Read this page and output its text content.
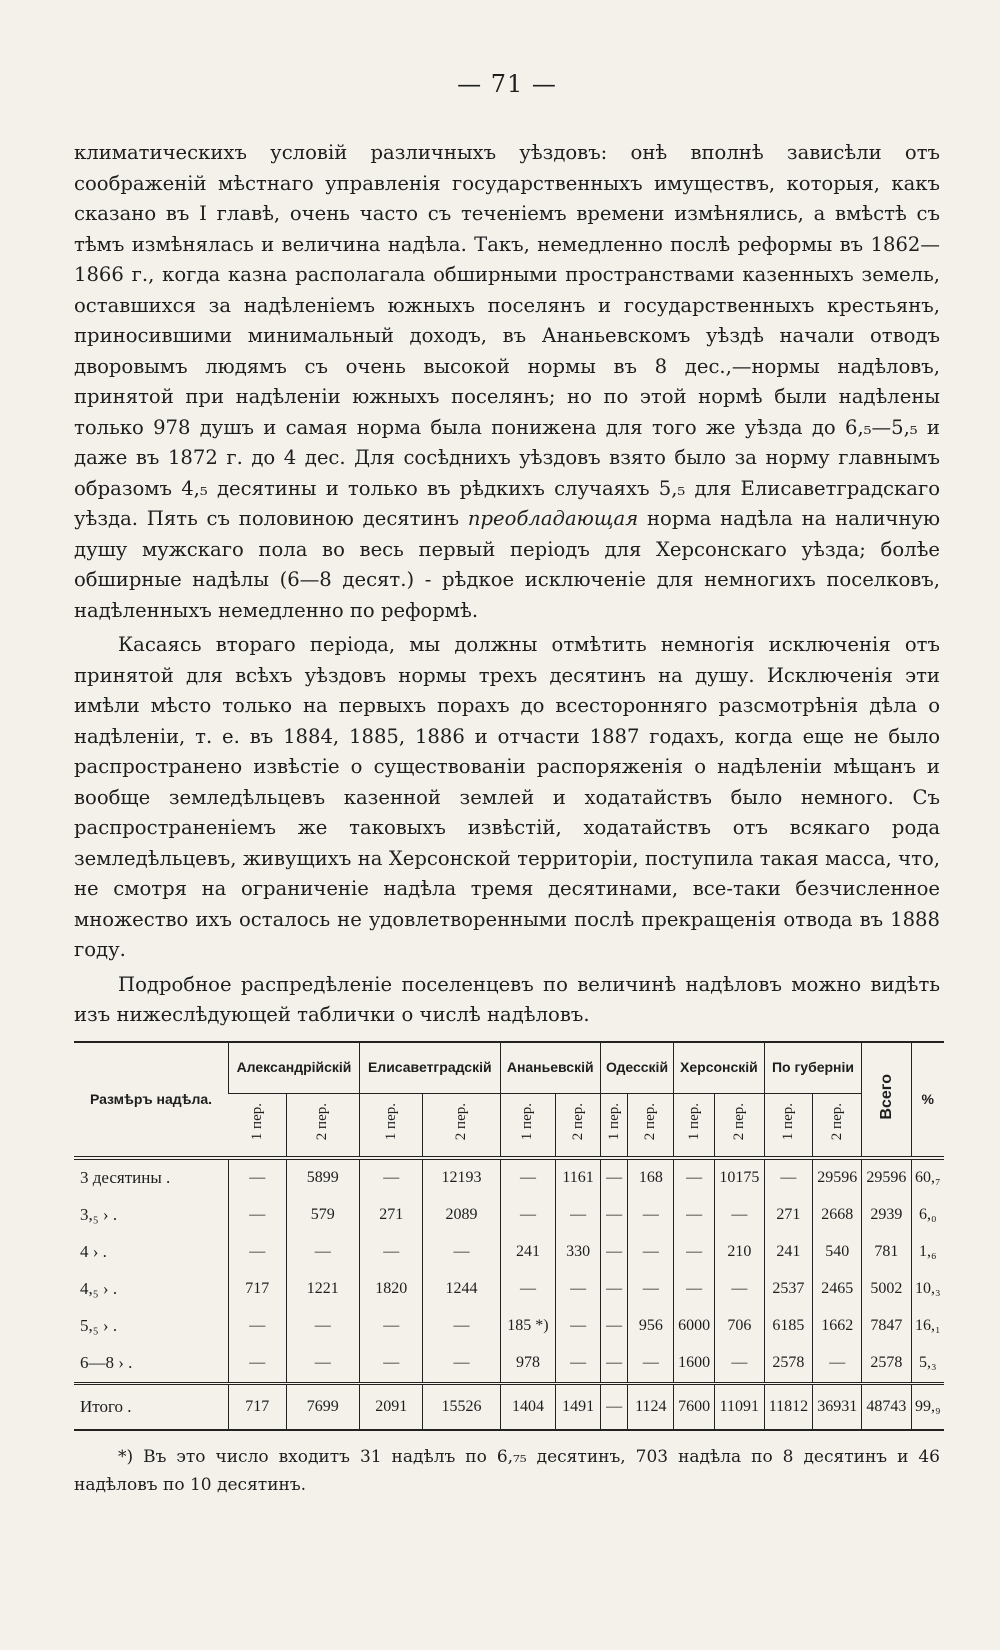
— 71 —

климатическихъ условій различныхъ уѣздовъ: онѣ вполнѣ зависѣли отъ соображеній мѣстнаго управленія государственныхъ имуществъ, которыя, какъ сказано въ I главѣ, очень часто съ теченіемъ времени измѣнялись, а вмѣстѣ съ тѣмъ измѣнялась и величина надѣла. Такъ, немедленно послѣ реформы въ 1862—1866 г., когда казна располагала обширными пространствами казенныхъ земель, оставшихся за надѣленіемъ южныхъ поселянъ и государственныхъ крестьянъ, приносившими минимальный доходъ, въ Ананьевскомъ уѣздѣ начали отводъ дворовымъ людямъ съ очень высокой нормы въ 8 дес.,—нормы надѣловъ, принятой при надѣленіи южныхъ поселянъ; но по этой нормѣ были надѣлены только 978 душъ и самая норма была понижена для того же уѣзда до 6,₅—5,₅ и даже въ 1872 г. до 4 дес. Для сосѣднихъ уѣздовъ взято было за норму главнымъ образомъ 4,₅ десятины и только въ рѣдкихъ случаяхъ 5,₅ для Елисаветградскаго уѣзда. Пять съ половиною десятинъ преобладающая норма надѣла на наличную душу мужскаго пола во весь первый періодъ для Херсонскаго уѣзда; болѣе обширные надѣлы (6—8 десят.) - рѣдкое исключеніе для немногихъ поселковъ, надѣленныхъ немедленно по реформѣ.

Касаясь втораго періода, мы должны отмѣтить немногія исключенія отъ принятой для всѣхъ уѣздовъ нормы трехъ десятинъ на душу. Исключенія эти имѣли мѣсто только на первыхъ порахъ до всесторонняго разсмотрѣнія дѣла о надѣленіи, т. е. въ 1884, 1885, 1886 и отчасти 1887 годахъ, когда еще не было распространено извѣстіе о существованіи распоряженія о надѣленіи мѣщанъ и вообще земледѣльцевъ казенной землей и ходатайствъ было немного. Съ распространеніемъ же таковыхъ извѣстій, ходатайствъ отъ всякаго рода земледѣльцевъ, живущихъ на Херсонской территоріи, поступила такая масса, что, не смотря на ограниченіе надѣла тремя десятинами, все-таки безчисленное множество ихъ осталось не удовлетворенными послѣ прекращенія отвода въ 1888 году.

Подробное распредѣленіе поселенцевъ по величинѣ надѣловъ можно видѣть изъ нижеслѣдующей таблички о числѣ надѣловъ.

Размѣръ надѣла.	Александрійскій		Елисаветградскій		Ананьевскій		Одесскій		Херсонскій		По губерніи		Всего	%
	1 пер.	2 пер.	1 пер.	2 пер.	1 пер.	2 пер.	1 пер.	2 пер.	1 пер.	2 пер.	1 пер.	2 пер.		
3 десятины .	—	5899	—	12193	—	1161	—	168	—	10175	—	29596	29596	60,₇
3,₅ › .	—	579	271	2089	—	—	—	—	—	—	271	2668	2939	6,₀
4 › .	—	—	—	—	241	330	—	—	—	210	241	540	781	1,₆
4,₅ › .	717	1221	1820	1244	—	—	—	—	—	—	2537	2465	5002	10,₃
5,₅ › .	—	—	—	—	185 *)	—	—	956	6000	706	6185	1662	7847	16,₁
6—8 › .	—	—	—	—	978	—	—	—	1600	—	2578	—	2578	5,₃
Итого .	717	7699	2091	15526	1404	1491	—	1124	7600	11091	11812	36931	48743	99,₉
*) Въ это число входитъ 31 надѣлъ по 6,₇₅ десятинъ, 703 надѣла по 8 десятинъ и 46 надѣловъ по 10 десятинъ.
